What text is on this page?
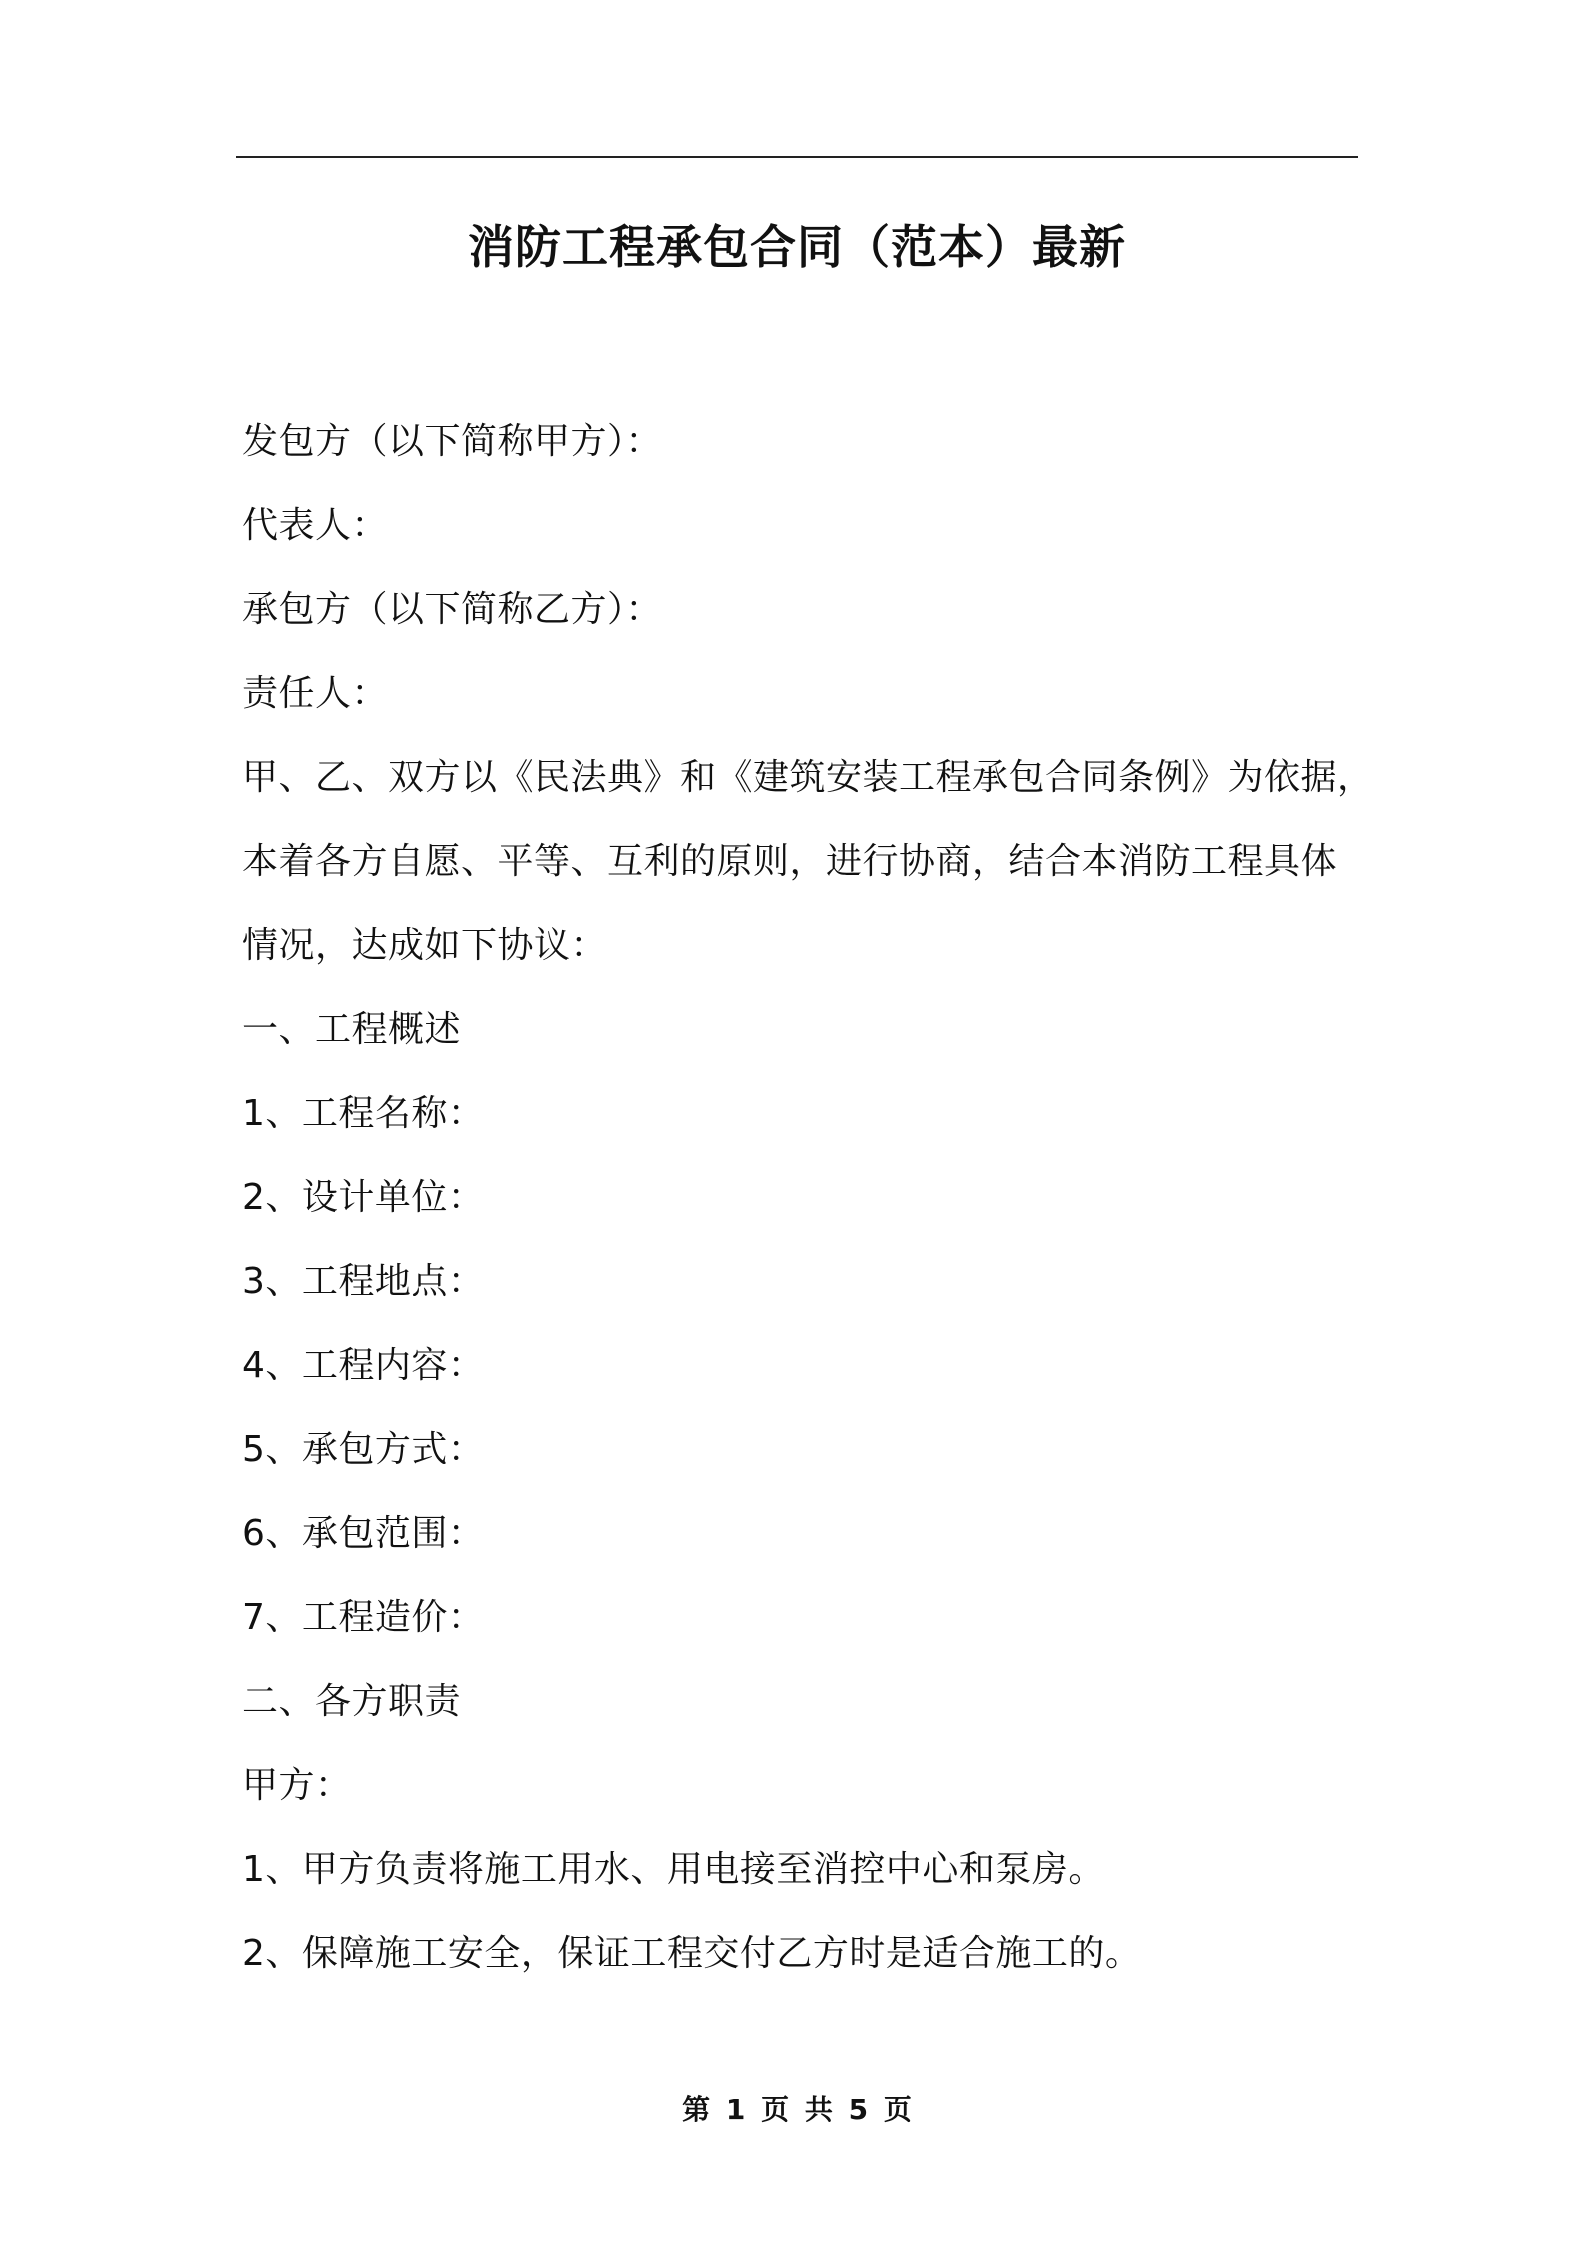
消防工程承包合同（范本）最新
发包方（以下简称甲方）：
代表人：
承包方（以下简称乙方）：
责任人：
甲、乙、双方以《民法典》和《建筑安装工程承包合同条例》为依据，
本着各方自愿、平等、互利的原则，进行协商，结合本消防工程具体
情况，达成如下协议：
一、工程概述
1、工程名称：
2、设计单位：
3、工程地点：
4、工程内容：
5、承包方式：
6、承包范围：
7、工程造价：
二、各方职责
甲方：
1、甲方负责将施工用水、用电接至消控中心和泵房。
2、保障施工安全，保证工程交付乙方时是适合施工的。
第 1 页 共 5 页
